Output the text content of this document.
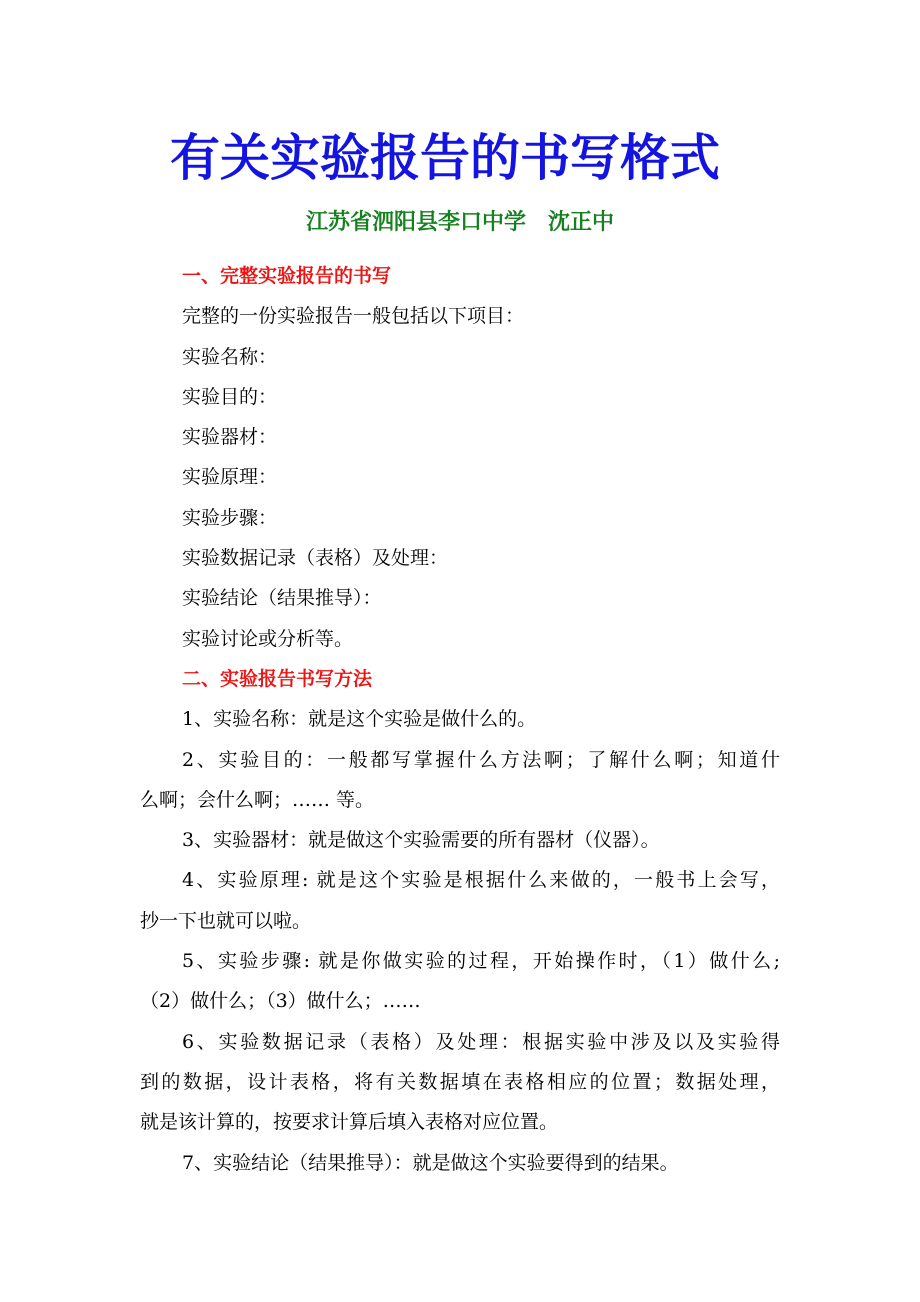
有关实验报告的书写格式
江苏省泗阳县李口中学　沈正中

一、完整实验报告的书写

完整的一份实验报告一般包括以下项目：

实验名称：

实验目的：

实验器材：

实验原理：

实验步骤：

实验数据记录（表格）及处理：

实验结论（结果推导）：

实验讨论或分析等。

二、实验报告书写方法

1、实验名称：就是这个实验是做什么的。

2、实验目的：一般都写掌握什么方法啊；了解什么啊；知道什

么啊；会什么啊；…… 等。

3、实验器材：就是做这个实验需要的所有器材（仪器）。

4、实验原理: 就是这个实验是根据什么来做的，一般书上会写，

抄一下也就可以啦。

5、实验步骤: 就是你做实验的过程，开始操作时，（1）做什么;

（2）做什么；（3）做什么；……

6、实验数据记录（表格）及处理：根据实验中涉及以及实验得

到的数据，设计表格，将有关数据填在表格相应的位置；数据处理，

就是该计算的，按要求计算后填入表格对应位置。

7、实验结论（结果推导）：就是做这个实验要得到的结果。
